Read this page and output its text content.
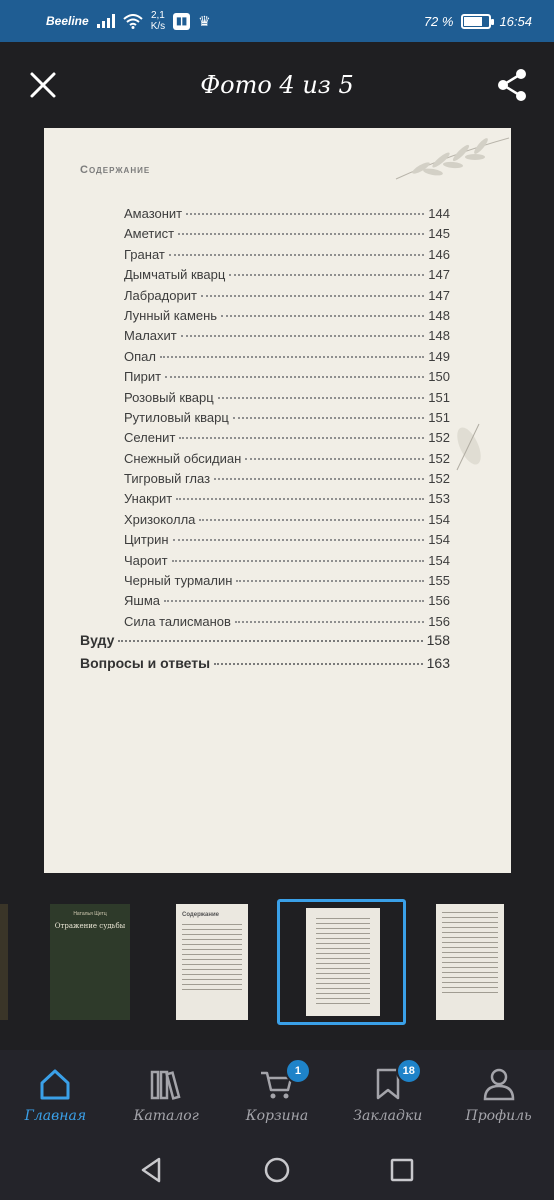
Beeline	2,1
K/s ▮▮ ♛	72 %	16:54
Фото 4 из 5
Содержание
Амазонит	144
Аметист	145
Гранат	146
Дымчатый кварц	147
Лабрадорит	147
Лунный камень	148
Малахит	148
Опал	149
Пирит	150
Розовый кварц	151
Рутиловый кварц	151
Селенит	152
Снежный обсидиан	152
Тигровый глаз	152
Унакрит	153
Хризоколла	154
Цитрин	154
Чароит	154
Черный турмалин	155
Яшма	156
Сила талисманов	156
Вуду	158
Вопросы и ответы	163
Наталья Щетц
Отражение судьбы
Содержание
Главная	Каталог
1
Корзина
18
Закладки	Профиль
